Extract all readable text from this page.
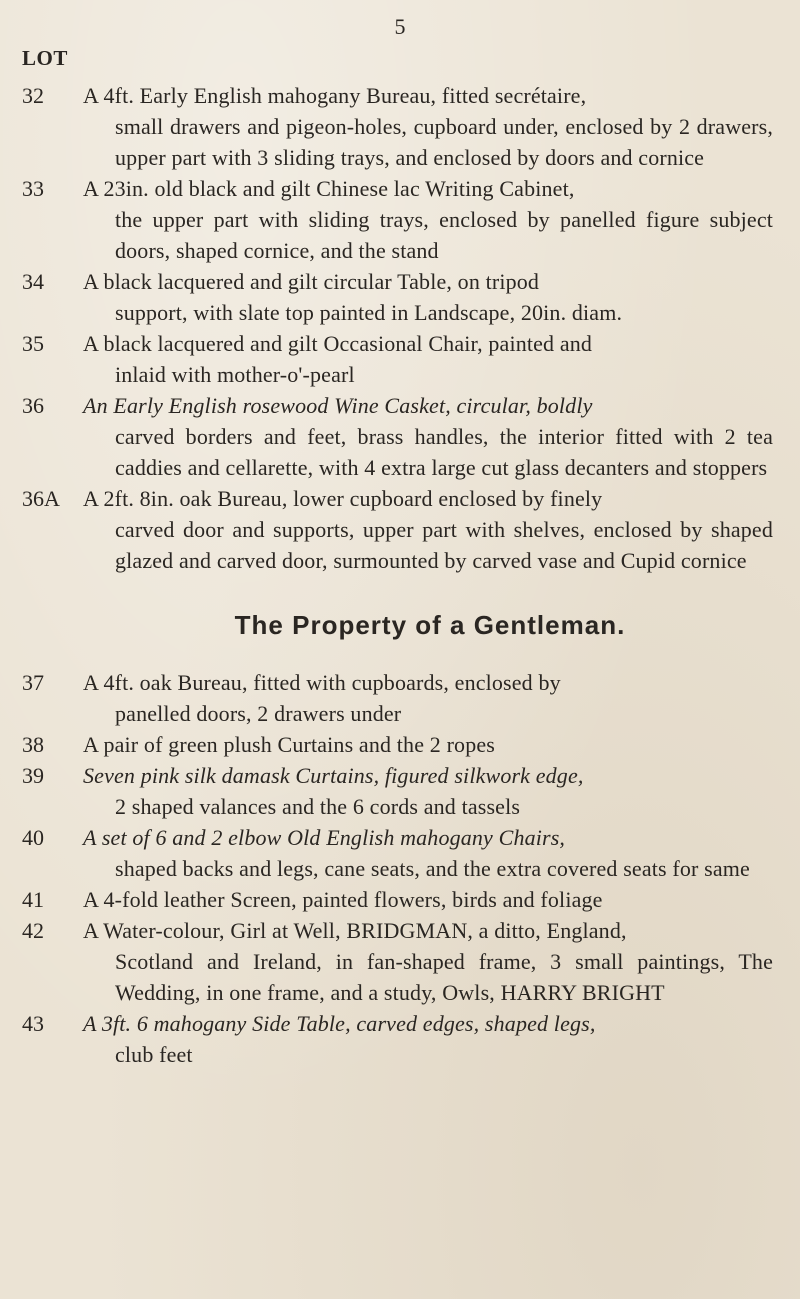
5
LOT
32	A 4ft. Early English mahogany Bureau, fitted secrétaire,
small drawers and pigeon-holes, cupboard under, enclosed by 2 drawers, upper part with 3 sliding trays, and enclosed by doors and cornice
33	A 23in. old black and gilt Chinese lac Writing Cabinet,
the upper part with sliding trays, enclosed by panelled figure subject doors, shaped cornice, and the stand
34	A black lacquered and gilt circular Table, on tripod
support, with slate top painted in Landscape, 20in. diam.
35	A black lacquered and gilt Occasional Chair, painted and
inlaid with mother-o'-pearl
36	An Early English rosewood Wine Casket, circular, boldly
carved borders and feet, brass handles, the interior fitted with 2 tea caddies and cellarette, with 4 extra large cut glass decanters and stoppers
36A	A 2ft. 8in. oak Bureau, lower cupboard enclosed by finely
carved door and supports, upper part with shelves, enclosed by shaped glazed and carved door, surmounted by carved vase and Cupid cornice
The Property of a Gentleman.
37	A 4ft. oak Bureau, fitted with cupboards, enclosed by
panelled doors, 2 drawers under
38	A pair of green plush Curtains and the 2 ropes
39	Seven pink silk damask Curtains, figured silkwork edge,
2 shaped valances and the 6 cords and tassels
40	A set of 6 and 2 elbow Old English mahogany Chairs,
shaped backs and legs, cane seats, and the extra covered seats for same
41	A 4-fold leather Screen, painted flowers, birds and foliage
42	A Water-colour, Girl at Well, BRIDGMAN, a ditto, England,
Scotland and Ireland, in fan-shaped frame, 3 small paintings, The Wedding, in one frame, and a study, Owls, HARRY BRIGHT
43	A 3ft. 6 mahogany Side Table, carved edges, shaped legs,
club feet
